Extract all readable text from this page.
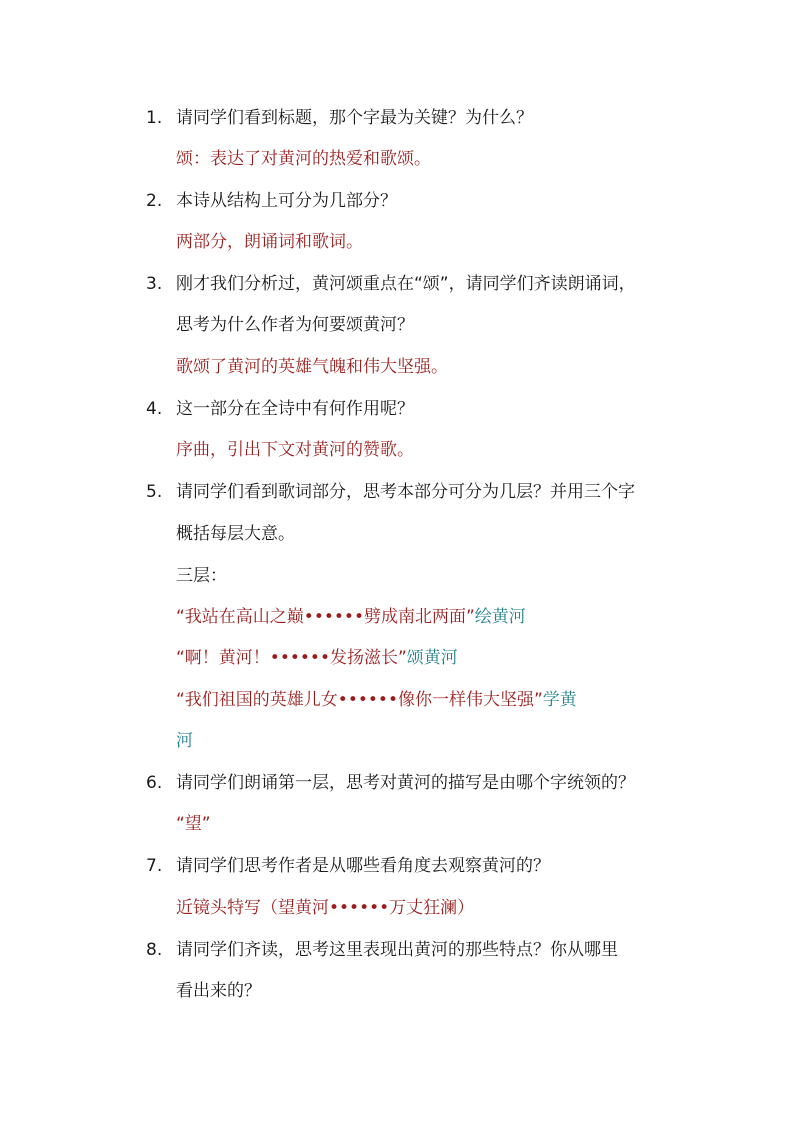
1. 请同学们看到标题，那个字最为关键？为什么？
颂：表达了对黄河的热爱和歌颂。
2. 本诗从结构上可分为几部分？
两部分，朗诵词和歌词。
3. 刚才我们分析过，黄河颂重点在“颂”，请同学们齐读朗诵词，
思考为什么作者为何要颂黄河？
歌颂了黄河的英雄气魄和伟大坚强。
4. 这一部分在全诗中有何作用呢？
序曲，引出下文对黄河的赞歌。
5. 请同学们看到歌词部分，思考本部分可分为几层？并用三个字
概括每层大意。
三层：
“我站在高山之巅••••••劈成南北两面”绘黄河
“啊！黄河！••••••发扬滋长”颂黄河
“我们祖国的英雄儿女••••••像你一样伟大坚强”学黄
河
6. 请同学们朗诵第一层，思考对黄河的描写是由哪个字统领的？
“望”
7. 请同学们思考作者是从哪些看角度去观察黄河的？
近镜头特写（望黄河••••••万丈狂澜）
8. 请同学们齐读，思考这里表现出黄河的那些特点？你从哪里
看出来的？
